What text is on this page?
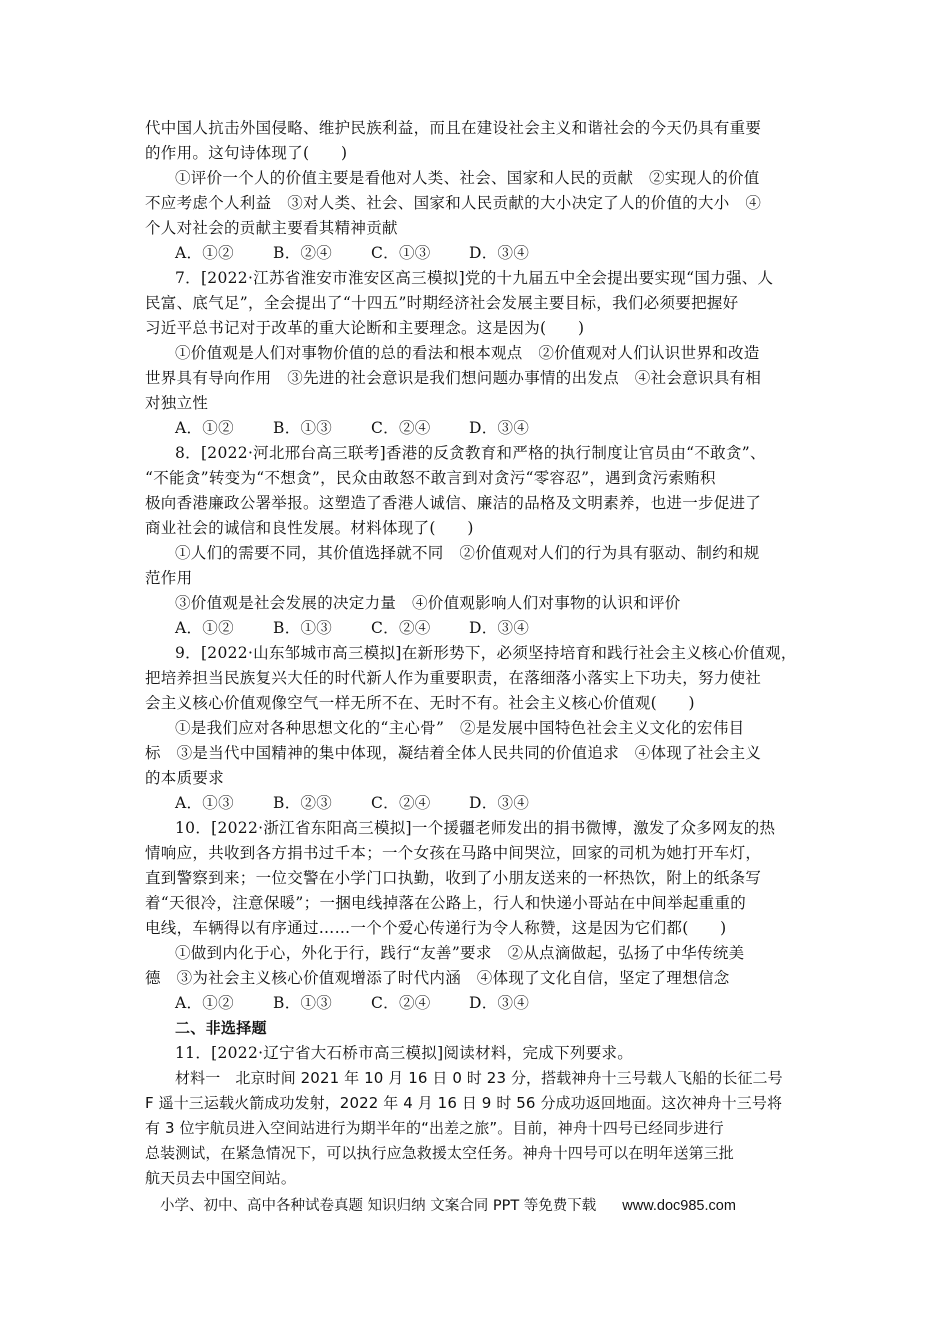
代中国人抗击外国侵略、维护民族利益，而且在建设社会主义和谐社会的今天仍具有重要
的作用。这句诗体现了(　　)
①评价一个人的价值主要是看他对人类、社会、国家和人民的贡献　②实现人的价值
不应考虑个人利益　③对人类、社会、国家和人民贡献的大小决定了人的价值的大小　④
个人对社会的贡献主要看其精神贡献
A．①②	B．②④	C．①③ D．③④
7．[2022·江苏省淮安市淮安区高三模拟]党的十九届五中全会提出要实现“国力强、人
民富、底气足”，全会提出了“十四五”时期经济社会发展主要目标，我们必须要把握好
习近平总书记对于改革的重大论断和主要理念。这是因为(　　)
①价值观是人们对事物价值的总的看法和根本观点　②价值观对人们认识世界和改造
世界具有导向作用　③先进的社会意识是我们想问题办事情的出发点　④社会意识具有相
对独立性
A．①②	B．①③	C．②④ D．③④
8．[2022·河北邢台高三联考]香港的反贪教育和严格的执行制度让官员由“不敢贪”、
“不能贪”转变为“不想贪”，民众由敢怒不敢言到对贪污“零容忍”，遇到贪污索贿积
极向香港廉政公署举报。这塑造了香港人诚信、廉洁的品格及文明素养，也进一步促进了
商业社会的诚信和良性发展。材料体现了(　　)
①人们的需要不同，其价值选择就不同　②价值观对人们的行为具有驱动、制约和规
范作用
③价值观是社会发展的决定力量　④价值观影响人们对事物的认识和评价
A．①②	B．①③	C．②④ D．③④
9．[2022·山东邹城市高三模拟]在新形势下，必须坚持培育和践行社会主义核心价值观，
把培养担当民族复兴大任的时代新人作为重要职责，在落细落小落实上下功夫，努力使社
会主义核心价值观像空气一样无所不在、无时不有。社会主义核心价值观(　　)
①是我们应对各种思想文化的“主心骨”　②是发展中国特色社会主义文化的宏伟目
标　③是当代中国精神的集中体现，凝结着全体人民共同的价值追求　④体现了社会主义
的本质要求
A．①③	B．②③	C．②④ D．③④
10．[2022·浙江省东阳高三模拟]一个援疆老师发出的捐书微博，激发了众多网友的热
情响应，共收到各方捐书过千本；一个女孩在马路中间哭泣，回家的司机为她打开车灯，
直到警察到来；一位交警在小学门口执勤，收到了小朋友送来的一杯热饮，附上的纸条写
着“天很冷，注意保暖”；一捆电线掉落在公路上，行人和快递小哥站在中间举起重重的
电线，车辆得以有序通过……一个个爱心传递行为令人称赞，这是因为它们都(　　)
①做到内化于心，外化于行，践行“友善”要求　②从点滴做起，弘扬了中华传统美
德　③为社会主义核心价值观增添了时代内涵　④体现了文化自信，坚定了理想信念
A．①②	B．①③	C．②④ D．③④
二、非选择题
11．[2022·辽宁省大石桥市高三模拟]阅读材料，完成下列要求。
材料一　北京时间 2021 年 10 月 16 日 0 时 23 分，搭载神舟十三号载人飞船的长征二号
F 遥十三运载火箭成功发射，2022 年 4 月 16 日 9 时 56 分成功返回地面。这次神舟十三号将
有 3 位宇航员进入空间站进行为期半年的“出差之旅”。目前，神舟十四号已经同步进行
总装测试，在紧急情况下，可以执行应急救援太空任务。神舟十四号可以在明年送第三批
航天员去中国空间站。
小学、初中、高中各种试卷真题 知识归纳 文案合同 PPT 等免费下载 www.doc985.com
